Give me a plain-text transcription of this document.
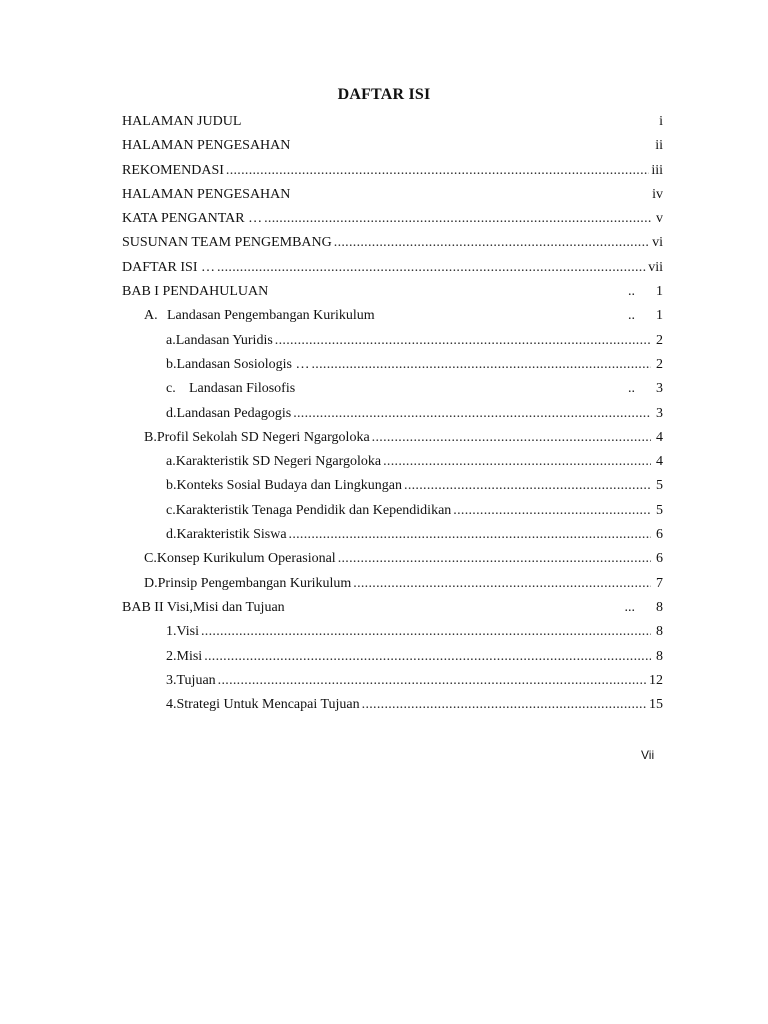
DAFTAR ISI
HALAMAN JUDUL	i
HALAMAN PENGESAHAN	ii
REKOMENDASI .....	iii
HALAMAN PENGESAHAN	iv
KATA PENGANTAR … .....	v
SUSUNAN TEAM PENGEMBANG .....	vi
DAFTAR ISI … .....	vii
BAB I PENDAHULUAN	.. 1
A. Landasan Pengembangan Kurikulum	.. 1
a. Landasan Yuridis .....	2
b. Landasan Sosiologis … .....	2
c. Landasan Filosofis	.. 3
d. Landasan Pedagogis .....	3
B. Profil Sekolah SD Negeri Ngargoloka .....	4
a. Karakteristik SD Negeri Ngargoloka .....	4
b. Konteks Sosial Budaya dan Lingkungan .....	5
c. Karakteristik Tenaga Pendidik dan Kependidikan .....	5
d. Karakteristik Siswa .....	6
C. Konsep Kurikulum Operasional .....	6
D. Prinsip Pengembangan Kurikulum .....	7
BAB II Visi,Misi dan Tujuan	... 8
1. Visi .....	8
2. Misi .....	8
3. Tujuan .....	12
4. Strategi Untuk Mencapai Tujuan .....	15
Vii
